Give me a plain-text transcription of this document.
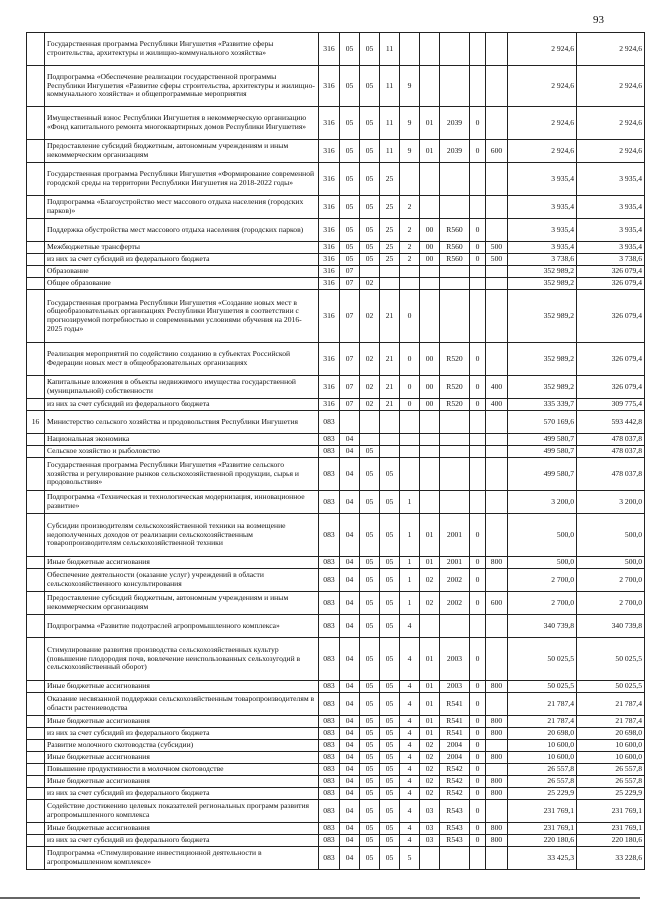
93
	Государственная программа Республики Ингушетия «Развитие сферы строительства, архитектуры и жилищно-коммунального хозяйства»	316	05	05	11						2 924,6	2 924,6
	Подпрограмма «Обеспечение реализации государственной программы Республики Ингушетия «Развитие сферы строительства, архитектуры и жилищно-коммунального хозяйства» и общепрограммные мероприятия	316	05	05	11	9					2 924,6	2 924,6
	Имущественный взнос Республики Ингушетия в некоммерческую организацию «Фонд капитального ремонта многоквартирных домов Республики Ингушетия»	316	05	05	11	9	01	2039	0		2 924,6	2 924,6
	Предоставление субсидий бюджетным, автономным учреждениям и иным некоммерческим организациям	316	05	05	11	9	01	2039	0	600	2 924,6	2 924,6
	Государственная программа Республики Ингушетия «Формирование современной городской среды на территории Республики Ингушетия на 2018-2022 годы»	316	05	05	25						3 935,4	3 935,4
	Подпрограмма «Благоустройство мест массового отдыха населения (городских парков)»	316	05	05	25	2					3 935,4	3 935,4
	Поддержка обустройства мест массового отдыха населения (городских парков)	316	05	05	25	2	00	R560	0		3 935,4	3 935,4
	Межбюджетные трансферты	316	05	05	25	2	00	R560	0	500	3 935,4	3 935,4
	из них за счет субсидий из федерального бюджета	316	05	05	25	2	00	R560	0	500	3 738,6	3 738,6
	Образование	316	07								352 989,2	326 079,4
	Общее образование	316	07	02							352 989,2	326 079,4
	Государственная программа Республики Ингушетия «Создание новых мест в общеобразовательных организациях Республики Ингушетия в соответствии с прогнозируемой потребностью и современными условиями обучения на 2016-2025 годы»	316	07	02	21	0					352 989,2	326 079,4
	Реализация мероприятий по содействию созданию в субъектах Российской Федерации новых мест в общеобразовательных организациях	316	07	02	21	0	00	R520	0		352 989,2	326 079,4
	Капитальные вложения в объекты недвижимого имущества государственной (муниципальной) собственности	316	07	02	21	0	00	R520	0	400	352 989,2	326 079,4
	из них за счет субсидий из федерального бюджета	316	07	02	21	0	00	R520	0	400	335 339,7	309 775,4
16	Министерство сельского хозяйства и продовольствия Республики Ингушетия	083									570 169,6	593 442,8
	Национальная экономика	083	04								499 580,7	478 037,8
	Сельское хозяйство и рыболовство	083	04	05							499 580,7	478 037,8
	Государственная программа Республики Ингушетия «Развитие сельского хозяйства и регулирование рынков сельскохозяйственной продукции, сырья и продовольствия»	083	04	05	05						499 580,7	478 037,8
	Подпрограмма «Техническая и технологическая модернизация, инновационное развитие»	083	04	05	05	1					3 200,0	3 200,0
	Субсидии производителям сельскохозяйственной техники на возмещение недополученных доходов от реализации сельскохозяйственным товаропроизводителям сельскохозяйственной техники	083	04	05	05	1	01	2001	0		500,0	500,0
	Иные бюджетные ассигнования	083	04	05	05	1	01	2001	0	800	500,0	500,0
	Обеспечение деятельности (оказание услуг) учреждений в области сельскохозяйственного консультирования	083	04	05	05	1	02	2002	0		2 700,0	2 700,0
	Предоставление субсидий бюджетным, автономным учреждениям и иным некоммерческим организациям	083	04	05	05	1	02	2002	0	600	2 700,0	2 700,0
	Подпрограмма «Развитие подотраслей агропромышленного комплекса»	083	04	05	05	4					340 739,8	340 739,8
	Стимулирование развития производства сельскохозяйственных культур (повышение плодородия почв, вовлечение неиспользованных сельхозугодий в сельскохозяйственный оборот)	083	04	05	05	4	01	2003	0		50 025,5	50 025,5
	Иные бюджетные ассигнования	083	04	05	05	4	01	2003	0	800	50 025,5	50 025,5
	Оказание несвязанной поддержки сельскохозяйственным товаропроизводителям в области растениеводства	083	04	05	05	4	01	R541	0		21 787,4	21 787,4
	Иные бюджетные ассигнования	083	04	05	05	4	01	R541	0	800	21 787,4	21 787,4
	из них за счет субсидий из федерального бюджета	083	04	05	05	4	01	R541	0	800	20 698,0	20 698,0
	Развитие молочного скотоводства (субсидии)	083	04	05	05	4	02	2004	0		10 600,0	10 600,0
	Иные бюджетные ассигнования	083	04	05	05	4	02	2004	0	800	10 600,0	10 600,0
	Повышение продуктивности в молочном скотоводстве	083	04	05	05	4	02	R542	0		26 557,8	26 557,8
	Иные бюджетные ассигнования	083	04	05	05	4	02	R542	0	800	26 557,8	26 557,8
	из них за счет субсидий из федерального бюджета	083	04	05	05	4	02	R542	0	800	25 229,9	25 229,9
	Содействие достижению целевых показателей региональных программ развития агропромышленного комплекса	083	04	05	05	4	03	R543	0		231 769,1	231 769,1
	Иные бюджетные ассигнования	083	04	05	05	4	03	R543	0	800	231 769,1	231 769,1
	из них за счет субсидий из федерального бюджета	083	04	05	05	4	03	R543	0	800	220 180,6	220 180,6
	Подпрограмма «Стимулирование инвестиционной деятельности в агропромышленном комплексе»	083	04	05	05	5					33 425,3	33 228,6
